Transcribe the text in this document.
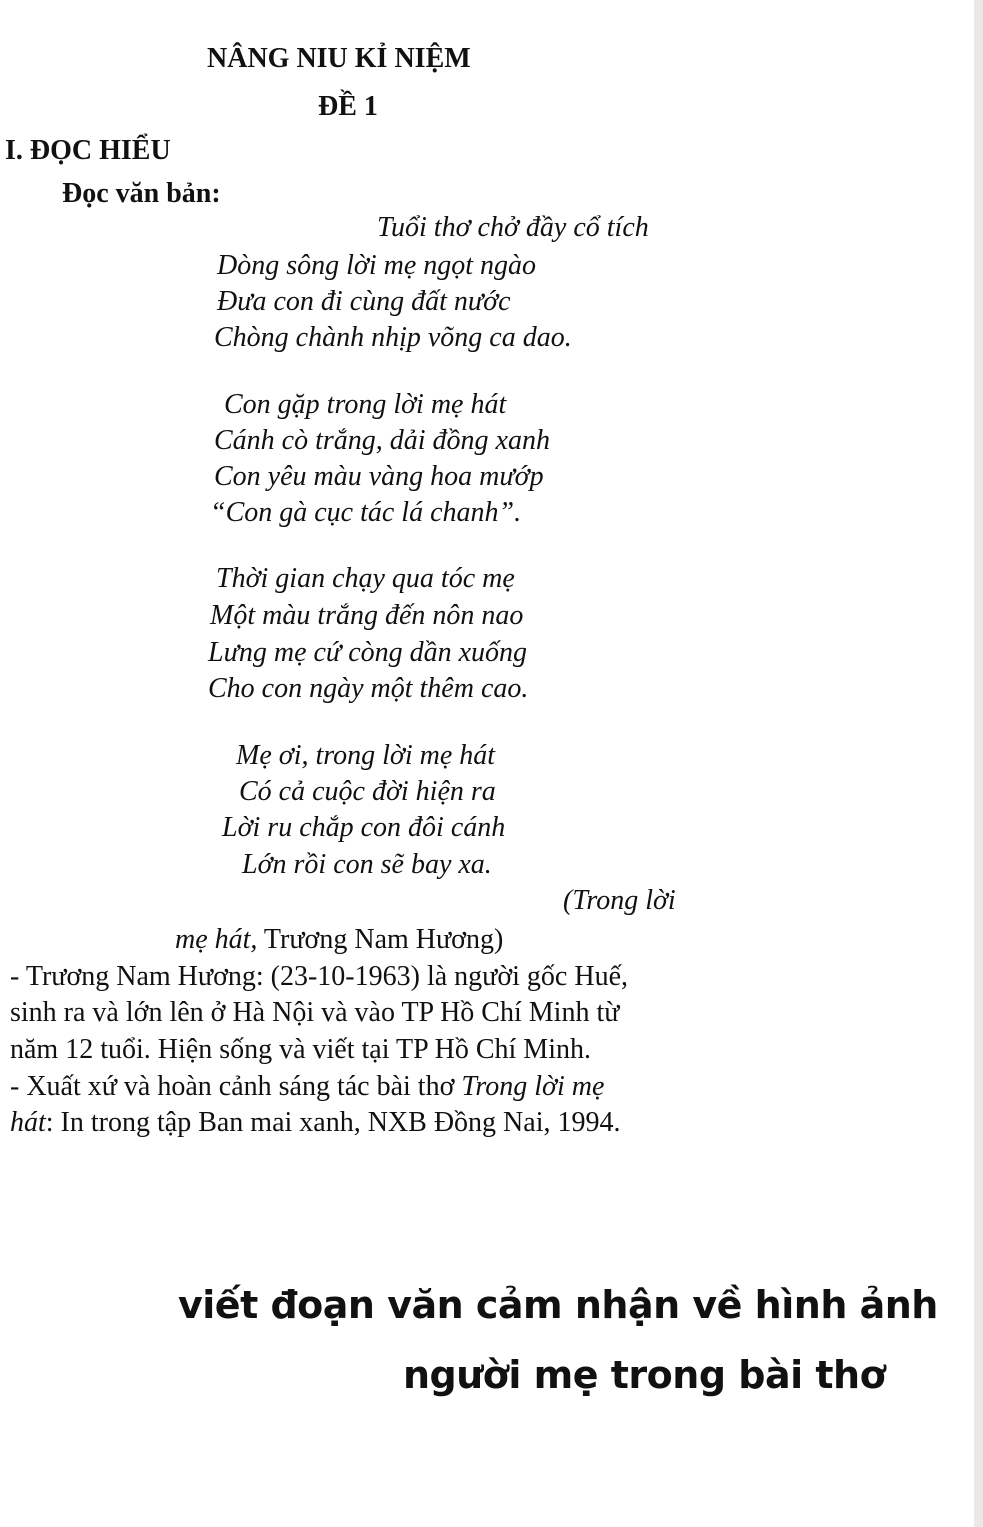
NÂNG NIU KỈ NIỆM
ĐỀ 1
I. ĐỌC HIỂU
Đọc văn bản:
Tuổi thơ chở đầy cổ tích
Dòng sông lời mẹ ngọt ngào
Đưa con đi cùng đất nước
Chòng chành nhịp võng ca dao.
Con gặp trong lời mẹ hát
Cánh cò trắng, dải đồng xanh
Con yêu màu vàng hoa mướp
“Con gà cục tác lá chanh”.
Thời gian chạy qua tóc mẹ
Một màu trắng đến nôn nao
Lưng mẹ cứ còng dần xuống
Cho con ngày một thêm cao.
Mẹ ơi, trong lời mẹ hát
Có cả cuộc đời hiện ra
Lời ru chắp con đôi cánh
Lớn rồi con sẽ bay xa.
(Trong lời
mẹ hát, Trương Nam Hương)
- Trương Nam Hương: (23-10-1963) là người gốc Huế,
sinh ra và lớn lên ở Hà Nội và vào TP Hồ Chí Minh từ
năm 12 tuổi. Hiện sống và viết tại TP Hồ Chí Minh.
- Xuất xứ và hoàn cảnh sáng tác bài thơ Trong lời mẹ
hát: In trong tập Ban mai xanh, NXB Đồng Nai, 1994.
viết đoạn văn cảm nhận về hình ảnh
người mẹ trong bài thơ
